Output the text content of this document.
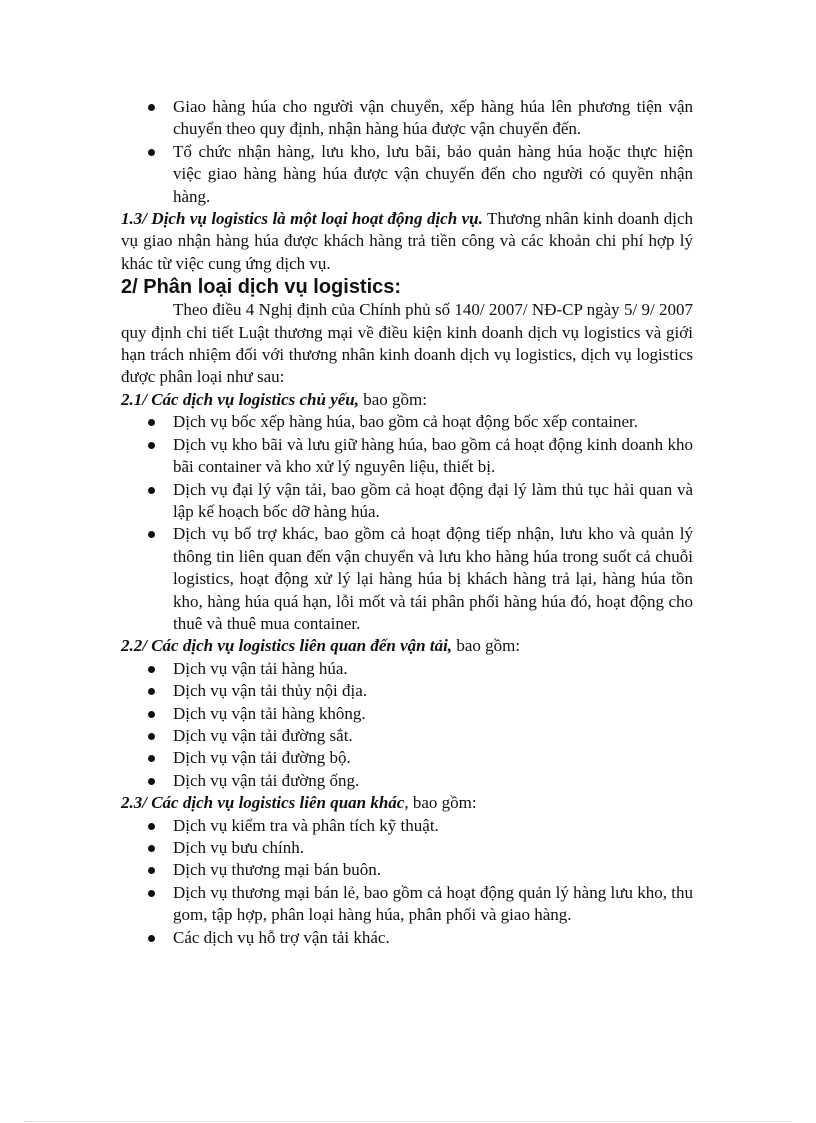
Giao hàng húa cho người vận chuyển, xếp hàng húa lên phương tiện vận chuyển theo quy định, nhận hàng húa được vận chuyển đến.
Tổ chức nhận hàng, lưu kho, lưu bãi, bảo quản hàng húa hoặc thực hiện việc giao hàng hàng húa được vận chuyển đến cho người có quyền nhận hàng.

1.3/ Dịch vụ logistics là một loại hoạt động dịch vụ. Thương nhân kinh doanh dịch vụ giao nhận hàng húa được khách hàng trả tiền công và các khoản chi phí hợp lý khác từ việc cung ứng dịch vụ.

2/ Phân loại dịch vụ logistics:

Theo điều 4 Nghị định của Chính phủ số 140/ 2007/ NĐ-CP ngày 5/ 9/ 2007 quy định chi tiết Luật thương mại về điều kiện kinh doanh dịch vụ logistics và giới hạn trách nhiệm đối với thương nhân kinh doanh dịch vụ logistics, dịch vụ logistics được phân loại như sau:

2.1/ Các dịch vụ logistics chủ yếu, bao gồm:

Dịch vụ bốc xếp hàng húa, bao gồm cả hoạt động bốc xếp container.
Dịch vụ kho bãi và lưu giữ hàng húa, bao gồm cả hoạt động kinh doanh kho bãi container và kho xử lý nguyên liệu, thiết bị.
Dịch vụ đại lý vận tải, bao gồm cả hoạt động đại lý làm thủ tục hải quan và lập kế hoạch bốc dỡ hàng húa.
Dịch vụ bổ trợ khác, bao gồm cả hoạt động tiếp nhận, lưu kho và quản lý thông tin liên quan đến vận chuyển và lưu kho hàng húa trong suốt cả chuỗi logistics, hoạt động xử lý lại hàng húa bị khách hàng trả lại, hàng húa tồn kho, hàng húa quá hạn, lỗi mốt và tái phân phối hàng húa đó, hoạt động cho thuê và thuê mua container.

2.2/ Các dịch vụ logistics liên quan đến vận tải, bao gồm:

Dịch vụ vận tải hàng húa.
Dịch vụ vận tải thủy nội địa.
Dịch vụ vận tải hàng không.
Dịch vụ vận tải đường sắt.
Dịch vụ vận tải đường bộ.
Dịch vụ vận tải đường ống.

2.3/ Các dịch vụ logistics liên quan khác, bao gồm:

Dịch vụ kiểm tra và phân tích kỹ thuật.
Dịch vụ bưu chính.
Dịch vụ thương mại bán buôn.
Dịch vụ thương mại bán lẻ, bao gồm cả hoạt động quản lý hàng lưu kho, thu gom, tập hợp, phân loại hàng húa, phân phối và giao hàng.
Các dịch vụ hỗ trợ vận tải khác.
